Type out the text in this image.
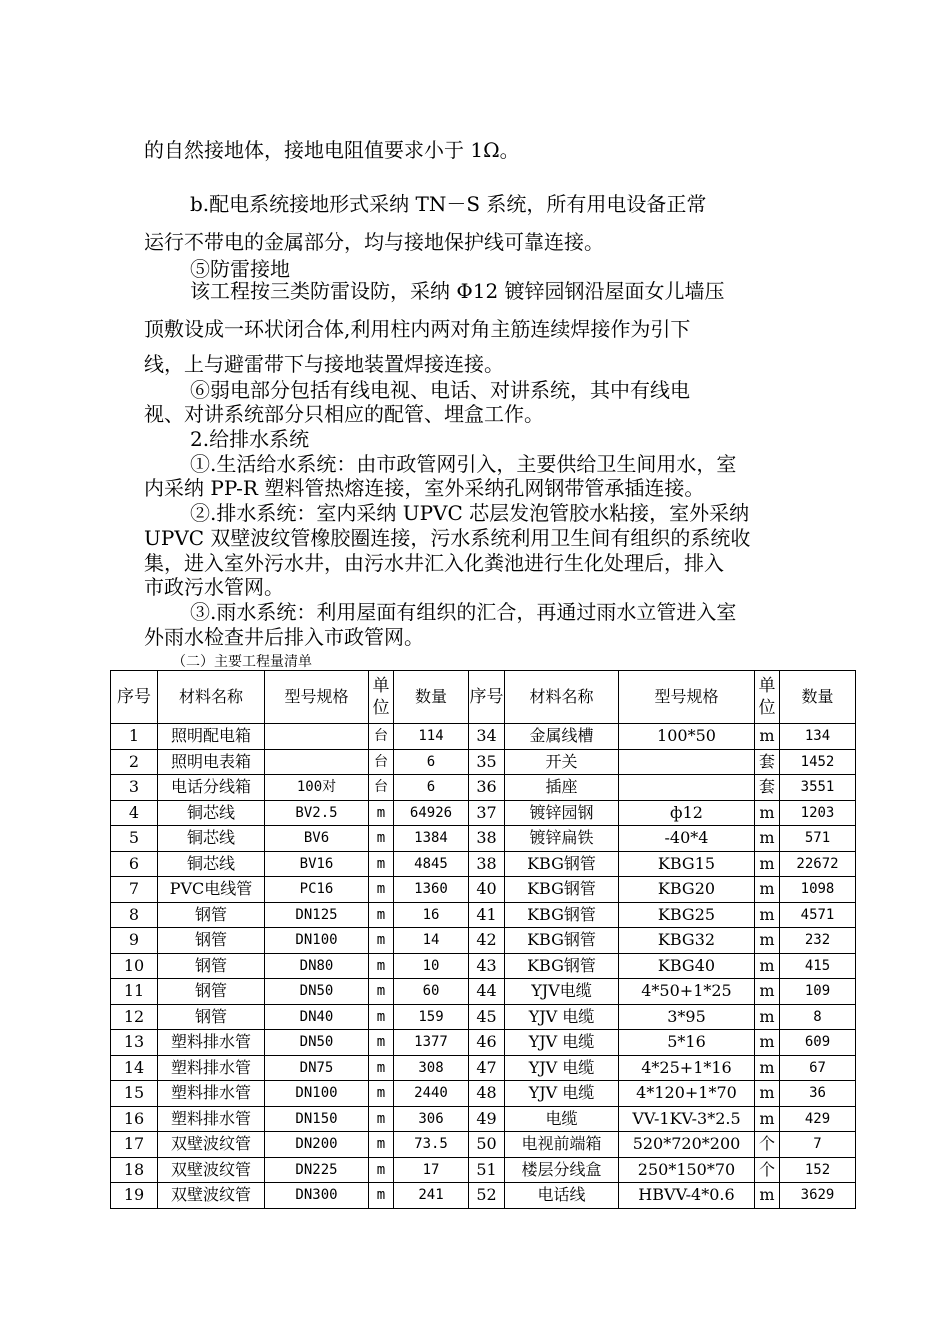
的自然接地体，接地电阻值要求小于 1Ω。
b.配电系统接地形式采纳 TN－S 系统，所有用电设备正常
运行不带电的金属部分，均与接地保护线可靠连接。
⑤防雷接地
该工程按三类防雷设防，采纳 Φ12 镀锌园钢沿屋面女儿墙压
顶敷设成一环状闭合体,利用柱内两对角主筋连续焊接作为引下
线，上与避雷带下与接地装置焊接连接。
⑥弱电部分包括有线电视、电话、对讲系统，其中有线电
视、对讲系统部分只相应的配管、埋盒工作。
2.给排水系统
①.生活给水系统：由市政管网引入，主要供给卫生间用水，室
内采纳 PP-R 塑料管热熔连接，室外采纳孔网钢带管承插连接。
②.排水系统：室内采纳 UPVC 芯层发泡管胶水粘接，室外采纳
UPVC 双壁波纹管橡胶圈连接，污水系统利用卫生间有组织的系统收
集，进入室外污水井，由污水井汇入化粪池进行生化处理后，排入
市政污水管网。
③.雨水系统：利用屋面有组织的汇合，再通过雨水立管进入室
外雨水检查井后排入市政管网。
（二）主要工程量清单
序号	材料名称	型号规格	单位	数量	序号	材料名称	型号规格	单位	数量
1	照明配电箱		台	114	34	金属线槽	100*50	m	134
2	照明电表箱		台	6	35	开关		套	1452
3	电话分线箱	100对	台	6	36	插座		套	3551
4	铜芯线	BV2.5	m	64926	37	镀锌园钢	ф12	m	1203
5	铜芯线	BV6	m	1384	38	镀锌扁铁	-40*4	m	571
6	铜芯线	BV16	m	4845	38	KBG钢管	KBG15	m	22672
7	PVC电线管	PC16	m	1360	40	KBG钢管	KBG20	m	1098
8	钢管	DN125	m	16	41	KBG钢管	KBG25	m	4571
9	钢管	DN100	m	14	42	KBG钢管	KBG32	m	232
10	钢管	DN80	m	10	43	KBG钢管	KBG40	m	415
11	钢管	DN50	m	60	44	YJV电缆	4*50+1*25	m	109
12	钢管	DN40	m	159	45	YJV 电缆	3*95	m	8
13	塑料排水管	DN50	m	1377	46	YJV 电缆	5*16	m	609
14	塑料排水管	DN75	m	308	47	YJV 电缆	4*25+1*16	m	67
15	塑料排水管	DN100	m	2440	48	YJV 电缆	4*120+1*70	m	36
16	塑料排水管	DN150	m	306	49	电缆	VV-1KV-3*2.5	m	429
17	双壁波纹管	DN200	m	73.5	50	电视前端箱	520*720*200	个	7
18	双壁波纹管	DN225	m	17	51	楼层分线盒	250*150*70	个	152
19	双壁波纹管	DN300	m	241	52	电话线	HBVV-4*0.6	m	3629
